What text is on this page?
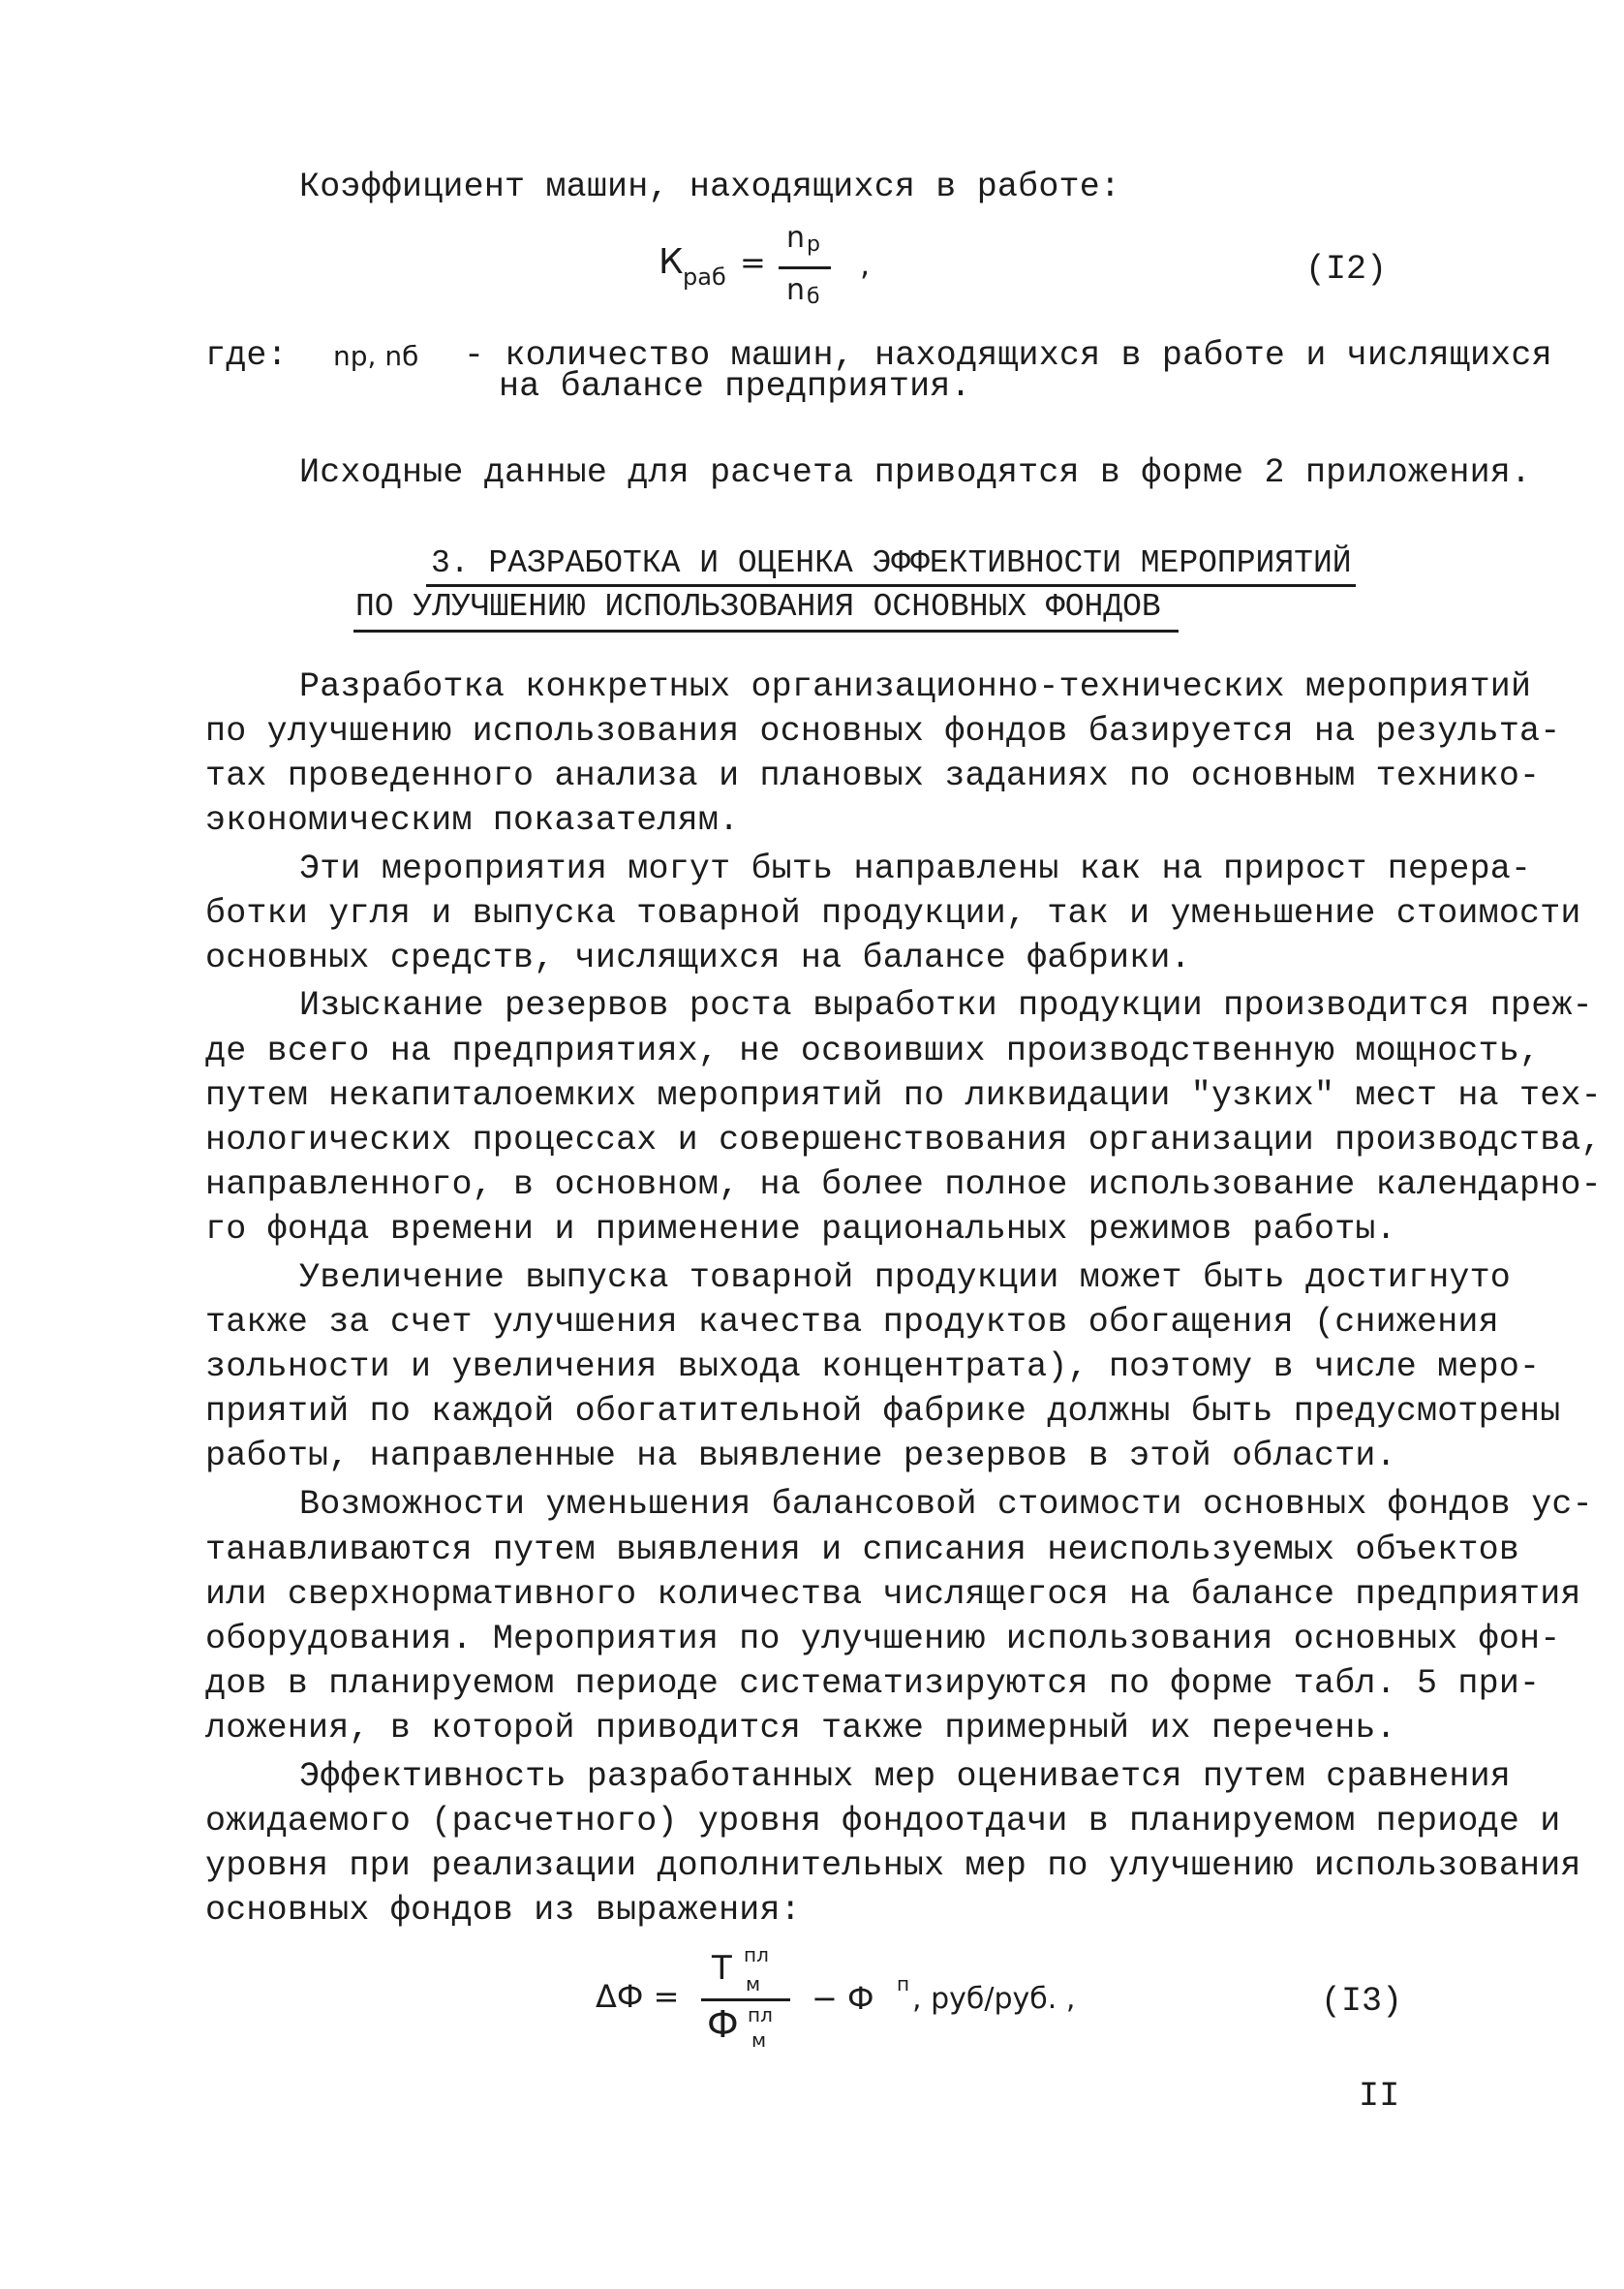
Коэффициент машин, находящихся в работе:
К раб =
n р
n б
,	(I2)
где: nр, nб - количество машин, находящихся в работе и числящихся
на балансе предприятия.
Исходные данные для расчета приводятся в форме 2 приложения.
3. РАЗРАБОТКА И ОЦЕНКА ЭФФЕКТИВНОСТИ МЕРОПРИЯТИЙ
ПО УЛУЧШЕНИЮ ИСПОЛЬЗОВАНИЯ ОСНОВНЫХ ФОНДОВ
Разработка конкретных организационно-технических мероприятий
по улучшению использования основных фондов базируется на результа-
тах проведенного анализа и плановых заданиях по основным технико-
экономическим показателям.
Эти мероприятия могут быть направлены как на прирост перера-
ботки угля и выпуска товарной продукции, так и уменьшение стоимости
основных средств, числящихся на балансе фабрики.
Изыскание резервов роста выработки продукции производится преж-
де всего на предприятиях, не освоивших производственную мощность,
путем некапиталоемких мероприятий по ликвидации "узких" мест на тех-
нологических процессах и совершенствования организации производства,
направленного, в основном, на более полное использование календарно-
го фонда времени и применение рациональных режимов работы.
Увеличение выпуска товарной продукции может быть достигнуто
также за счет улучшения качества продуктов обогащения (снижения
зольности и увеличения выхода концентрата), поэтому в числе меро-
приятий по каждой обогатительной фабрике должны быть предусмотрены
работы, направленные на выявление резервов в этой области.
Возможности уменьшения балансовой стоимости основных фондов ус-
танавливаются путем выявления и списания неиспользуемых объектов
или сверхнормативного количества числящегося на балансе предприятия
оборудования. Мероприятия по улучшению использования основных фон-
дов в планируемом периоде систематизируются по форме табл. 5 при-
ложения, в которой приводится также примерный их перечень.
Эффективность разработанных мер оценивается путем сравнения
ожидаемого (расчетного) уровня фондоотдачи в планируемом периоде и
уровня при реализации дополнительных мер по улучшению использования
основных фондов из выражения:
ΔФ =
Т пл
м
Ф пл
м
− Ф п , руб/руб. ,	(I3)
II
